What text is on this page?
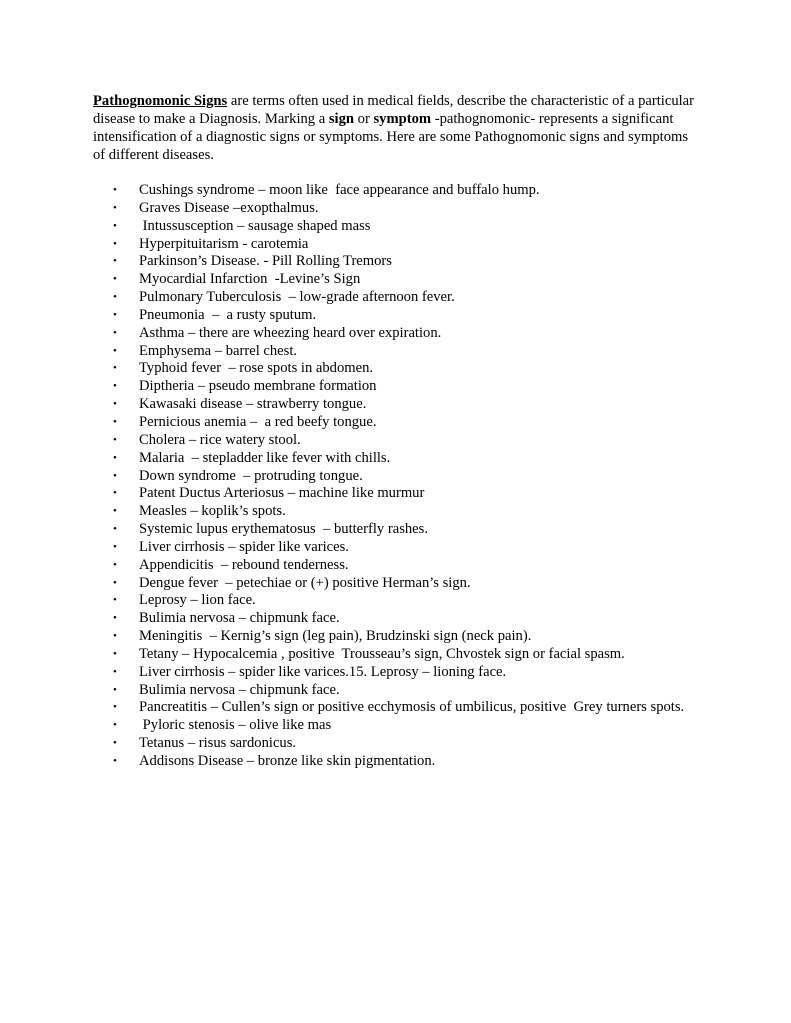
Pathognomonic Signs are terms often used in medical fields, describe the characteristic of a particular disease to make a Diagnosis. Marking a sign or symptom -pathognomonic- represents a significant intensification of a diagnostic signs or symptoms. Here are some Pathognomonic signs and symptoms of different diseases.

• Cushings syndrome – moon like  face appearance and buffalo hump.
• Graves Disease –exopthalmus.
• Intussusception – sausage shaped mass
• Hyperpituitarism - carotemia
• Parkinson’s Disease. - Pill Rolling Tremors
• Myocardial Infarction  -Levine’s Sign
• Pulmonary Tuberculosis  – low-grade afternoon fever.
• Pneumonia  –  a rusty sputum.
• Asthma – there are wheezing heard over expiration.
• Emphysema – barrel chest.
• Typhoid fever  – rose spots in abdomen.
• Diptheria – pseudo membrane formation
• Kawasaki disease – strawberry tongue.
• Pernicious anemia –  a red beefy tongue.
• Cholera – rice watery stool.
• Malaria  – stepladder like fever with chills.
• Down syndrome  – protruding tongue.
• Patent Ductus Arteriosus – machine like murmur
• Measles – koplik’s spots.
• Systemic lupus erythematosus  – butterfly rashes.
• Liver cirrhosis – spider like varices.
• Appendicitis  – rebound tenderness.
• Dengue fever  – petechiae or (+) positive Herman’s sign.
• Leprosy – lion face.
• Bulimia nervosa – chipmunk face.
• Meningitis  – Kernig’s sign (leg pain), Brudzinski sign (neck pain).
• Tetany – Hypocalcemia , positive  Trousseau’s sign, Chvostek sign or facial spasm.
• Liver cirrhosis – spider like varices.15. Leprosy – lioning face.
• Bulimia nervosa – chipmunk face.
• Pancreatitis – Cullen’s sign or positive ecchymosis of umbilicus, positive  Grey turners spots.
• Pyloric stenosis – olive like mas
• Tetanus – risus sardonicus.
• Addisons Disease – bronze like skin pigmentation.
